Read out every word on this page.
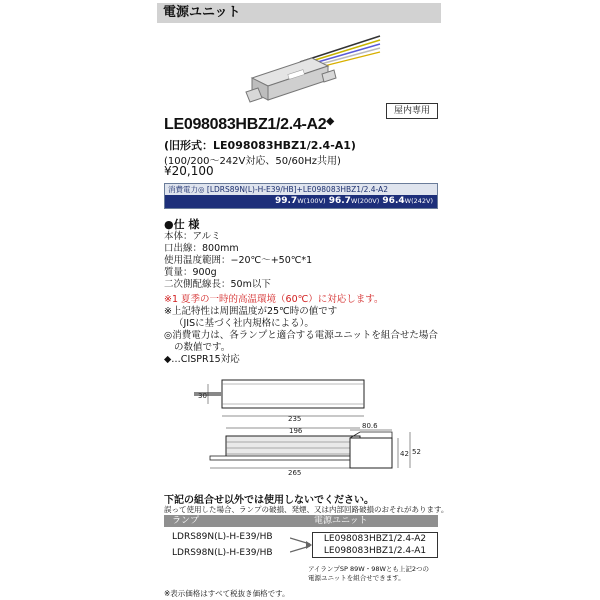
電源ユニット
屋内専用
LE098083HBZ1/2.4-A2◆
(旧形式：LE098083HBZ1/2.4-A1)
(100/200〜242V対応、50/60Hz共用)
¥20,100
消費電力◎ [LDRS89N(L)-H-E39/HB]+LE098083HBZ1/2.4-A2
99.7W(100V) 96.7W(200V) 96.4W(242V)
●仕 様
本体：アルミ
口出線：800mm
使用温度範囲：−20℃〜+50℃*1
質量：900g
二次側配線長：50m以下
※1 夏季の一時的高温環境（60℃）に対応します。
※上記特性は周囲温度が25℃時の値です
（JISに基づく社内規格による）。
◎消費電力は、各ランプと適合する電源ユニットを組合せた場合
の数値です。
◆…CISPR15対応
30
235
196
265
80.6
42 52
下記の組合せ以外では使用しないでください。
誤って使用した場合、ランプの破損、発煙、又は内部回路破損のおそれがあります。
ランプ	電源ユニット
LDRS89N(L)-H-E39/HB
LDRS98N(L)-H-E39/HB
LE098083HBZ1/2.4-A2
LE098083HBZ1/2.4-A1
アイランプSP 89W・98Wとも上記2つの
電源ユニットを組合せできます。
※表示価格はすべて税抜き価格です。
